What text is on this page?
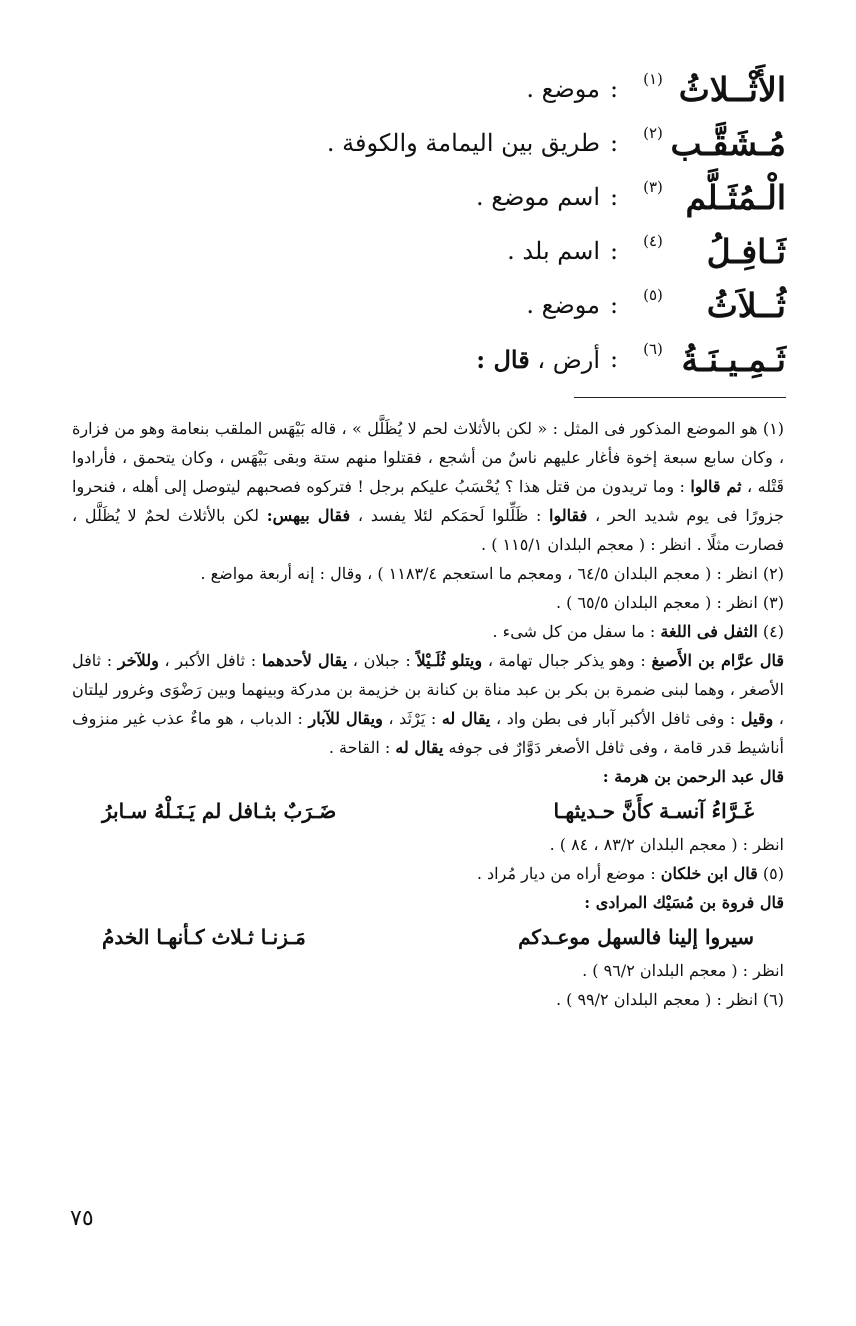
الأَثْــلاثُ
(١)
:
موضع .
مُـشَقَّـب
(٢)
:
طريق بين اليمامة والكوفة .
الْـمُثَـلَّم
(٣)
:
اسم موضع .
ثَـافِـلُ
(٤)
:
اسم بلد .
ثُــلاَثُ
(٥)
:
موضع .
ثَـمِـيـنَـةُ
(٦)
:
أرض ، قال :

(١) هو الموضع المذكور فى المثل : « لكن بالأثلاث لحم لا يُظَلَّل » ، قاله بَيْهَس الملقب بنعامة وهو من فزارة ، وكان سابع سبعة إخوة فأغار عليهم ناسٌ من أشجع ، فقتلوا منهم ستة وبقى بَيْهَس ، وكان يتحمق ، فأرادوا قَتْله ، ثم قالوا : وما تريدون من قتل هذا ؟ يُحْسَبُ عليكم برجل ! فتركوه فصحبهم ليتوصل إلى أهله ، فنحروا جزورًا فى يوم شديد الحر ، فقالوا : ظَلِّلوا لَحمَكم لئلا يفسد ، فقال بيهس: لكن بالأثلاث لحمٌ لا يُظَلَّل ، فصارت مثلًا . انظر : ( معجم البلدان ١١٥/١ ) .

(٢) انظر : ( معجم البلدان ٦٤/٥ ، ومعجم ما استعجم ١١٨٣/٤ ) ، وقال : إنه أربعة مواضع .

(٣) انظر : ( معجم البلدان ٦٥/٥ ) .

(٤) الثفل فى اللغة : ما سفل من كل شىء .

قال عرَّام بن الأَصبغ : وهو يذكر جبال تهامة ، ويتلو ثُلَـيْلاً : جبلان ، يقال لأحدهما : ثافل الأكبر ، وللآخر : ثافل الأصغر ، وهما لبنى ضمرة بن بكر بن عبد مناة بن كنانة بن خزيمة بن مدركة وبينهما وبين رَضْوَى وغرور ليلتان ، وقيل : وفى ثافل الأكبر آبار فى بطن واد ، يقال له : يَرْثَد ، ويقال للآبار : الدباب ، هو ماءٌ عذب غير منزوف أناشيط قدر قامة ، وفى ثافل الأصغر دَوَّارٌ فى جوفه يقال له : القاحة .

قال عبد الرحمن بن هرمة :

غَـرَّاءُ آنسـة كأَنَّ حـديثهـا
ضَـرَبٌ بثـافل لم يَـنَـلْهُ سـابرُ

انظر : ( معجم البلدان ٨٣/٢ ، ٨٤ ) .

(٥) قال ابن خلكان : موضع أراه من ديار مُراد .

قال فروة بن مُسَيْك المرادى :

سيروا إلينا فالسهل موعـدكم
مَـزنـا ثـلاث كـأنهـا الخدمُ

انظر : ( معجم البلدان ٩٦/٢ ) .

(٦) انظر : ( معجم البلدان ٩٩/٢ ) .

٧٥
